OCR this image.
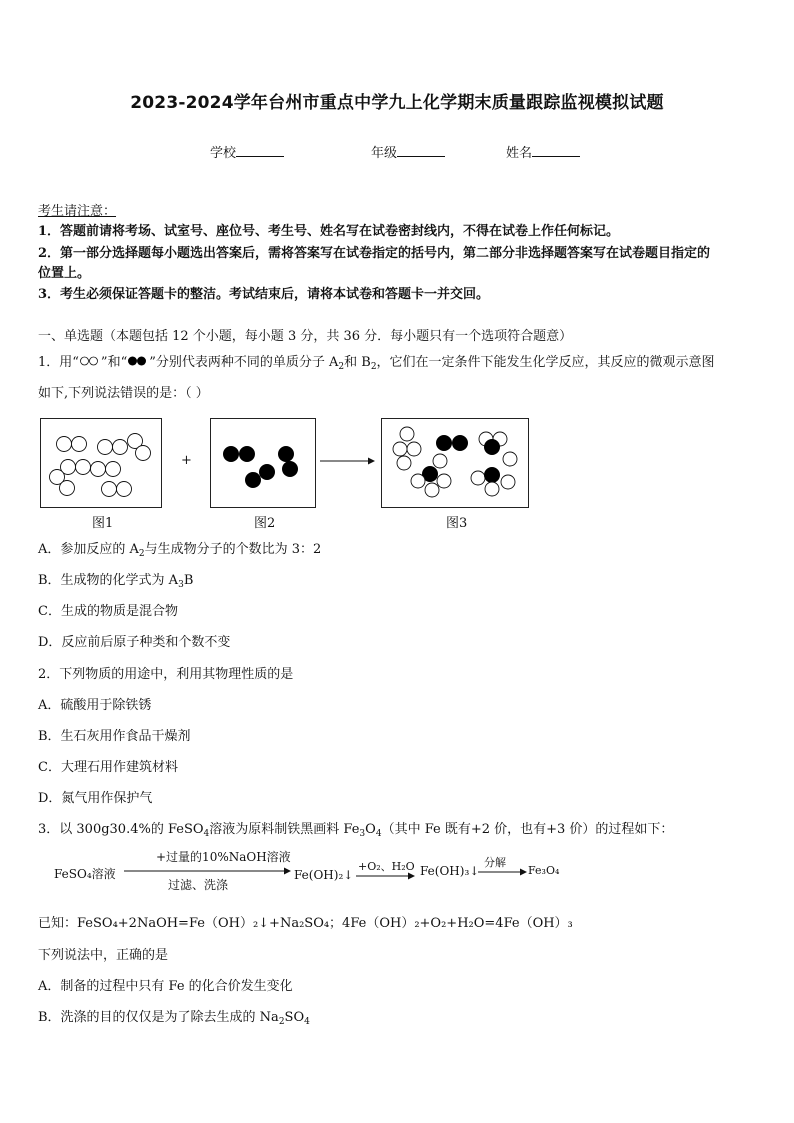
2023-2024学年台州市重点中学九上化学期末质量跟踪监视模拟试题
学校	年级	姓名
考生请注意：
1．答题前请将考场、试室号、座位号、考生号、姓名写在试卷密封线内，不得在试卷上作任何标记。
2．第一部分选择题每小题选出答案后，需将答案写在试卷指定的括号内，第二部分非选择题答案写在试卷题目指定的
位置上。
3．考生必须保证答题卡的整洁。考试结束后，请将本试卷和答题卡一并交回。
一、单选题（本题包括 12 个小题，每小题 3 分，共 36 分．每小题只有一个选项符合题意）
1．用“ ”和“ ”分别代表两种不同的单质分子 $A_2$和 $B_2$，它们在一定条件下能发生化学反应，其反应的微观示意图
如下,下列说法错误的是：（ ）
+
图1	图2	图3
A．参加反应的 $A_2$与生成物分子的个数比为 3：2
B．生成物的化学式为 $A_3B$
C．生成的物质是混合物
D．反应前后原子种类和个数不变
2．下列物质的用途中，利用其物理性质的是
A．硫酸用于除铁锈
B．生石灰用作食品干燥剂
C．大理石用作建筑材料
D．氮气用作保护气
3．以 300g30.4%的 FeSO$_4$溶液为原料制铁黑画料 $Fe_3O_4$（其中 Fe 既有+2 价，也有+3 价）的过程如下：
FeSO₄溶液
+过量的10%NaOH溶液
过滤、洗涤
Fe(OH)₂↓
+O₂、H₂O Fe(OH)₃↓
分解
Fe₃O₄
已知：FeSO₄+2NaOH=Fe（OH）₂↓+Na₂SO₄；4Fe（OH）₂+O₂+H₂O=4Fe（OH）₃
下列说法中，正确的是
A．制备的过程中只有 Fe 的化合价发生变化
B．洗涤的目的仅仅是为了除去生成的 $Na_2SO_4$
